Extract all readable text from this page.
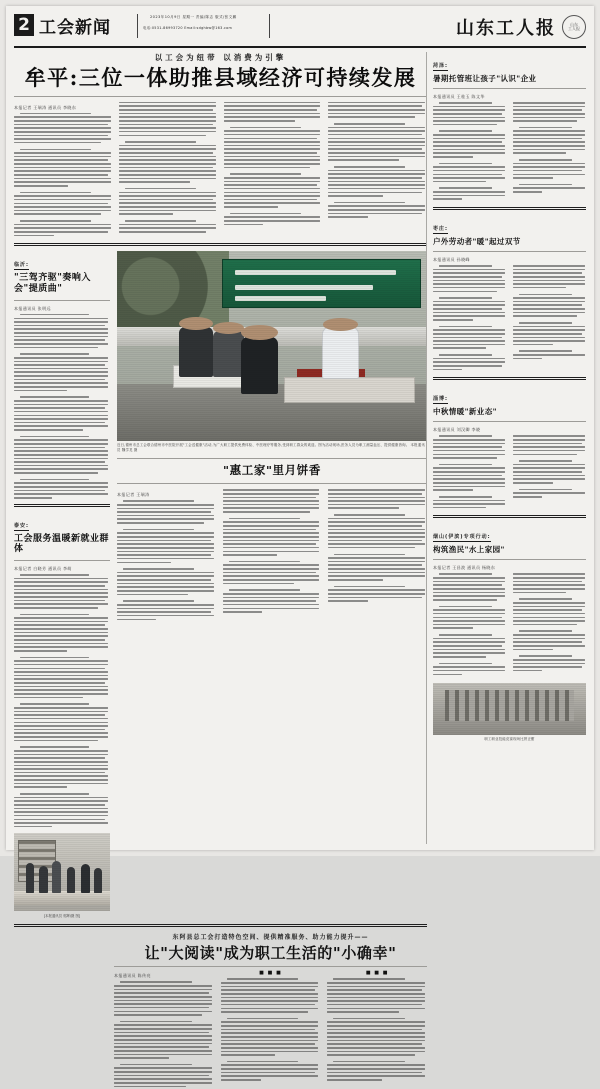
2 工会新闻
2023年10月9日 星期一 责编/陈志 版式/张文鹏
电话:0531-86993720 Email:sdghbw@163.com	山东工人报	山东
工人报
以工会为纽带 以消费为引擎
牟平:三位一体助推县域经济可持续发展
本报记者 王瑞涛 通讯员 李晓东
临沂:
"三驾齐驱"奏响入会"提质曲"
本报通讯员 张明远
泰安:
工会服务温暖新就业群体
本报记者 白晓芳 通讯员 李萌
[本报通讯员 郭辉/摄 图]
近日,德州市总工会联合德州市中医院开展"工会送健康"活动,为广大职工提供免费体检、中医理疗等服务,受到职工群众的欢迎。图为活动现场,医务人员为职工测量血压、提供健康咨询。 本报通讯员 魏学龙 摄
"惠工家"里月饼香
本报记者 王瑞涛
东阿县总工会打造特色空间、提供精准服务、助力能力提升——
让"大阅读"成为职工生活的"小确幸"
本报通讯员 陈传亮	■ ■ ■	■ ■ ■
菏泽:
暑期托管班让孩子"认识"企业
本报通讯员 王桂玉 陈文华
枣庄:
户外劳动者"暖"起过双节
本报通讯员 孙晓峰
淄博:
中秋情暖"新业态"
本报通讯员 刘汉卿 李晓
烟山(伊滨)专项行动:
构筑渔民"水上家园"
本报记者 王昌波 通讯员 杨晓东
职工职业技能竞赛现场比拼正酣
